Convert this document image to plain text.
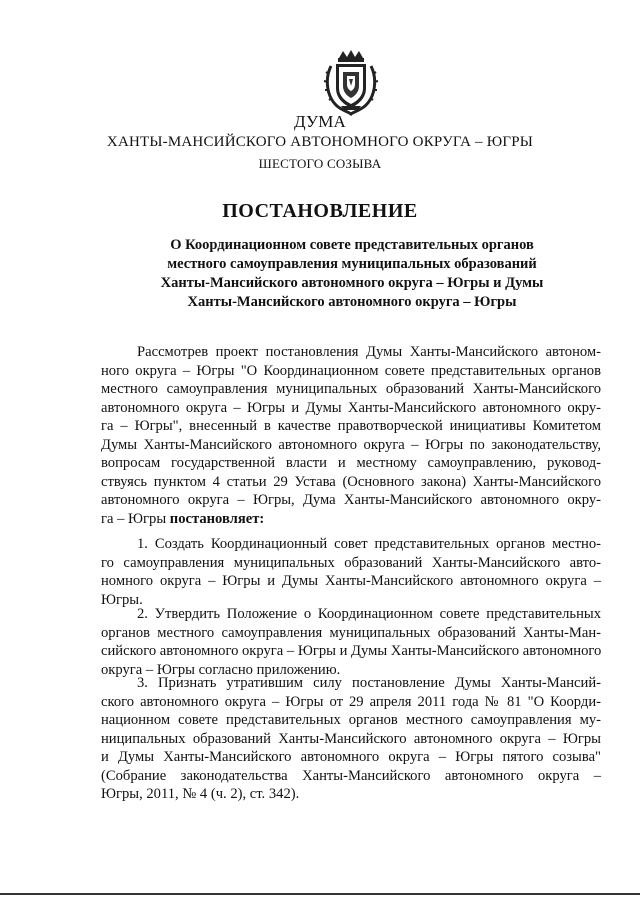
ДУМА
ХАНТЫ-МАНСИЙСКОГО АВТОНОМНОГО ОКРУГА – ЮГРЫ
ШЕСТОГО СОЗЫВА
ПОСТАНОВЛЕНИЕ
О Координационном совете представительных органов
местного самоуправления муниципальных образований
Ханты-Мансийского автономного округа – Югры и Думы
Ханты-Мансийского автономного округа – Югры
Рассмотрев проект постановления Думы Ханты-Мансийского автоном-
ного округа – Югры "О Координационном совете представительных органов
местного самоуправления муниципальных образований Ханты-Мансийского
автономного округа – Югры и Думы Ханты-Мансийского автономного окру-
га – Югры", внесенный в качестве правотворческой инициативы Комитетом
Думы Ханты-Мансийского автономного округа – Югры по законодательству,
вопросам государственной власти и местному самоуправлению, руковод-
ствуясь пунктом 4 статьи 29 Устава (Основного закона) Ханты-Мансийского
автономного округа – Югры, Дума Ханты-Мансийского автономного окру-
га – Югры постановляет:
1. Создать Координационный совет представительных органов местно-
го самоуправления муниципальных образований Ханты-Мансийского авто-
номного округа – Югры и Думы Ханты-Мансийского автономного округа –
Югры.
2. Утвердить Положение о Координационном совете представительных
органов местного самоуправления муниципальных образований Ханты-Ман-
сийского автономного округа – Югры и Думы Ханты-Мансийского автономного
округа – Югры согласно приложению.
3. Признать утратившим силу постановление Думы Ханты-Мансий-
ского автономного округа – Югры от 29 апреля 2011 года № 81 "О Коорди-
национном совете представительных органов местного самоуправления му-
ниципальных образований Ханты-Мансийского автономного округа – Югры
и Думы Ханты-Мансийского автономного округа – Югры пятого созыва"
(Собрание законодательства Ханты-Мансийского автономного округа –
Югры, 2011, № 4 (ч. 2), ст. 342).
